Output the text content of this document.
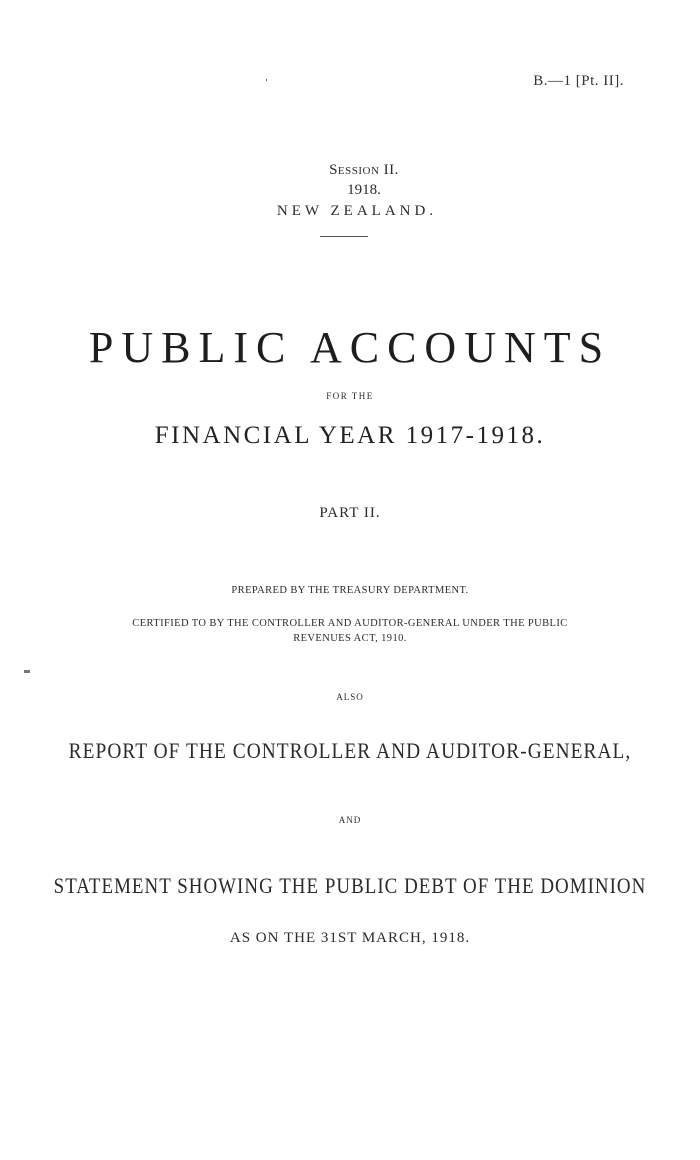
B.—1 [Pt. II].
Session II.
1918.
NEW ZEALAND.
PUBLIC ACCOUNTS
FOR THE
FINANCIAL YEAR 1917-1918.
PART II.
PREPARED BY THE TREASURY DEPARTMENT.
CERTIFIED TO BY THE CONTROLLER AND AUDITOR-GENERAL UNDER THE PUBLIC
REVENUES ACT, 1910.
ALSO
REPORT OF THE CONTROLLER AND AUDITOR-GENERAL,
AND
STATEMENT SHOWING THE PUBLIC DEBT OF THE DOMINION
AS ON THE 31ST MARCH, 1918.
